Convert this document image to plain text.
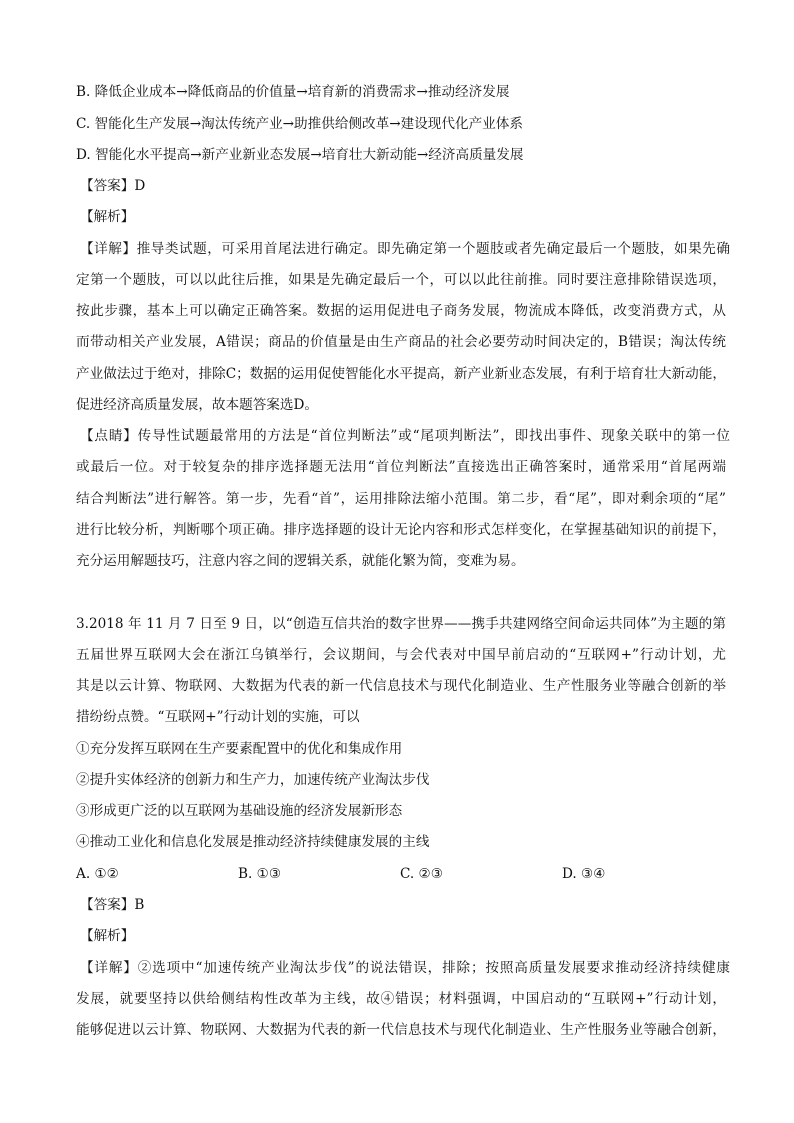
B. 降低企业成本→降低商品的价值量→培育新的消费需求→推动经济发展
C. 智能化生产发展→淘汰传统产业→助推供给侧改革→建设现代化产业体系
D. 智能化水平提高→新产业新业态发展→培育壮大新动能→经济高质量发展
【答案】D
【解析】
【详解】推导类试题，可采用首尾法进行确定。即先确定第一个题肢或者先确定最后一个题肢，如果先确
定第一个题肢，可以以此往后推，如果是先确定最后一个，可以以此往前推。同时要注意排除错误选项，
按此步骤，基本上可以确定正确答案。数据的运用促进电子商务发展，物流成本降低，改变消费方式，从
而带动相关产业发展，A错误；商品的价值量是由生产商品的社会必要劳动时间决定的，B错误；淘汰传统
产业做法过于绝对，排除C；数据的运用促使智能化水平提高，新产业新业态发展，有利于培育壮大新动能，
促进经济高质量发展，故本题答案选D。
【点睛】传导性试题最常用的方法是“首位判断法”或“尾项判断法”，即找出事件、现象关联中的第一位
或最后一位。对于较复杂的排序选择题无法用“首位判断法”直接选出正确答案时，通常采用“首尾两端
结合判断法”进行解答。第一步，先看“首”，运用排除法缩小范围。第二步，看“尾”，即对剩余项的“尾”
进行比较分析，判断哪个项正确。排序选择题的设计无论内容和形式怎样变化，在掌握基础知识的前提下，
充分运用解题技巧，注意内容之间的逻辑关系，就能化繁为简，变难为易。
3.2018 年 11 月 7 日至 9 日，以“创造互信共治的数字世界——携手共建网络空间命运共同体”为主题的第
五届世界互联网大会在浙江乌镇举行，会议期间，与会代表对中国早前启动的“互联网+”行动计划，尤
其是以云计算、物联网、大数据为代表的新一代信息技术与现代化制造业、生产性服务业等融合创新的举
措纷纷点赞。“互联网+”行动计划的实施，可以
①充分发挥互联网在生产要素配置中的优化和集成作用
②提升实体经济的创新力和生产力，加速传统产业淘汰步伐
③形成更广泛的以互联网为基础设施的经济发展新形态
④推动工业化和信息化发展是推动经济持续健康发展的主线
A. ①②	B. ①③	C. ②③	D. ③④
【答案】B
【解析】
【详解】②选项中“加速传统产业淘汰步伐”的说法错误，排除；按照高质量发展要求推动经济持续健康
发展，就要坚持以供给侧结构性改革为主线，故④错误；材料强调，中国启动的“互联网+”行动计划，
能够促进以云计算、物联网、大数据为代表的新一代信息技术与现代化制造业、生产性服务业等融合创新，
